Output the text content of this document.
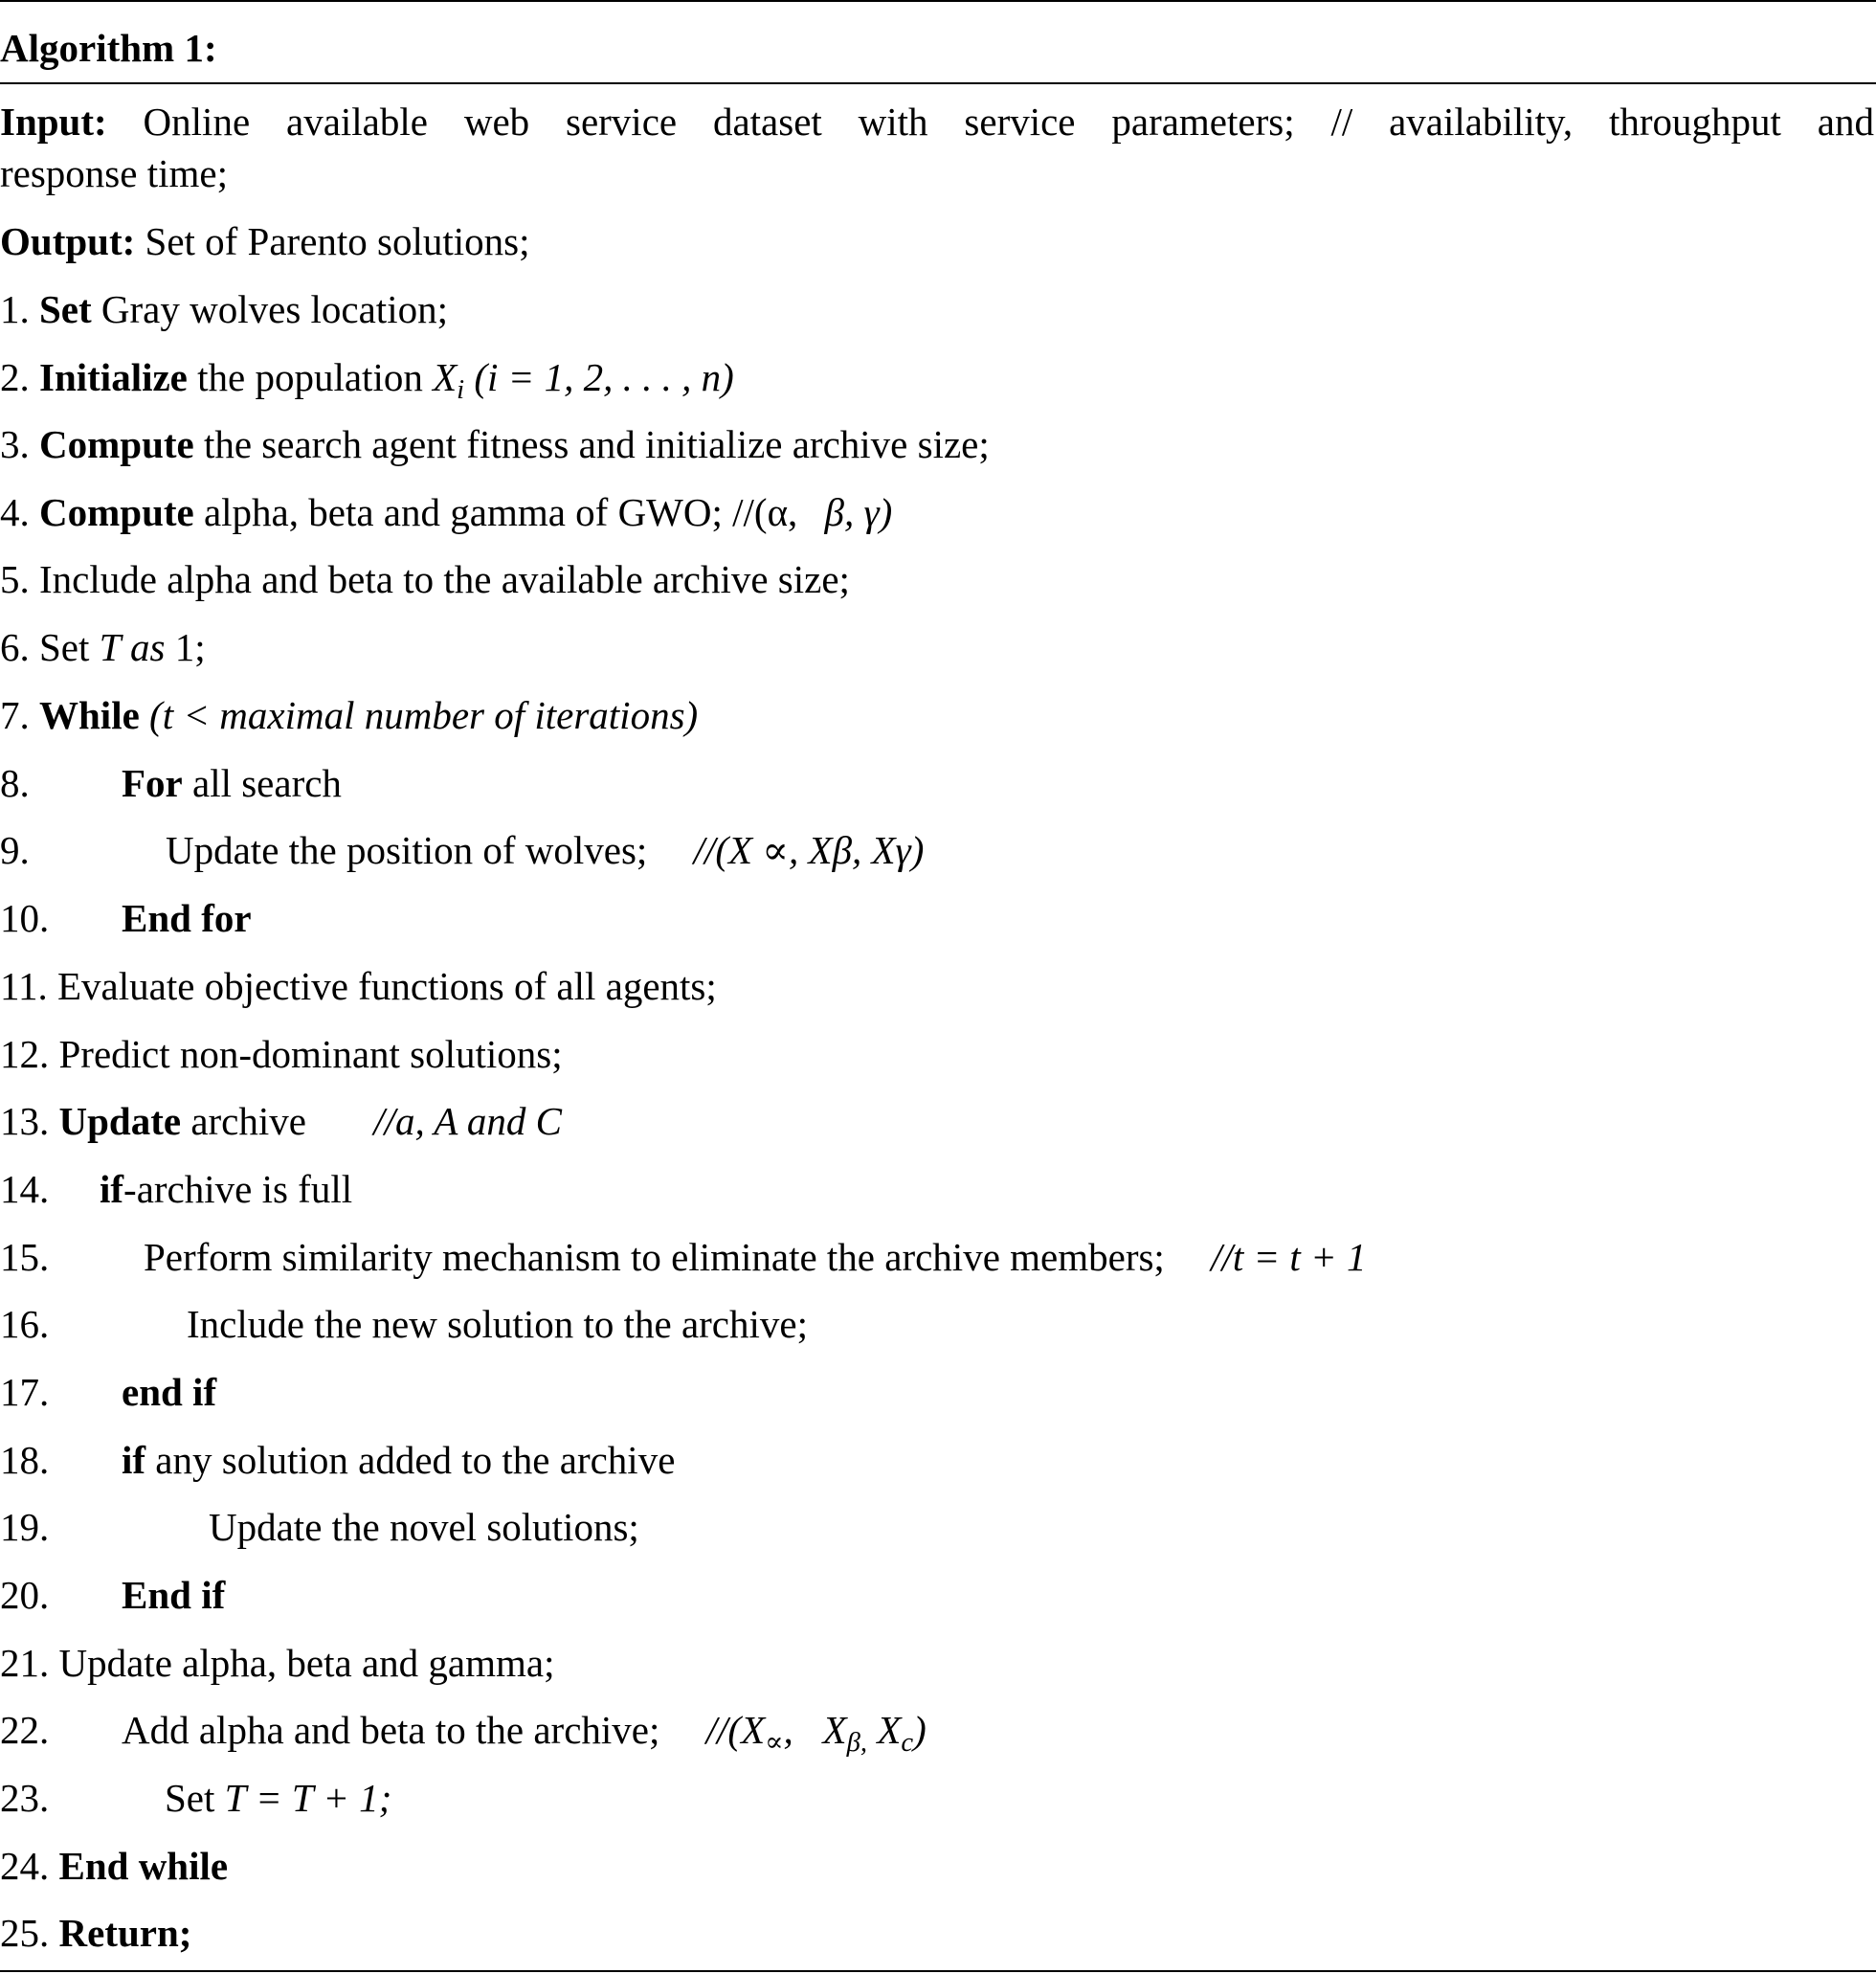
Algorithm 1:
Input: Online available web service dataset with service parameters; // availability, throughput and
response time;
Output: Set of Parento solutions;
1. Set Gray wolves location;
2. Initialize the population $X_i$ (i = 1, 2, . . . , n)
3. Compute the search agent fitness and initialize archive size;
4. Compute alpha, beta and gamma of GWO; //(α, β, γ)
5. Include alpha and beta to the available archive size;
6. Set T as 1;
7. While (t < maximal number of iterations)
8. For all search
9.	Update the position of wolves; //(X ∝, Xβ, Xγ)
10. End for
11. Evaluate objective functions of all agents;
12. Predict non-dominant solutions;
13. Update archive //a, A and C
14. if-archive is full
15. Perform similarity mechanism to eliminate the archive members; //t = t + 1
16.	Include the new solution to the archive;
17. end if
18. if any solution added to the archive
19.	Update the novel solutions;
20. End if
21. Update alpha, beta and gamma;
22. Add alpha and beta to the archive; $//(X_\propto$, $X_{\beta,}$ $X_c$)
23.	Set T = T + 1;
24. End while
25. Return;
